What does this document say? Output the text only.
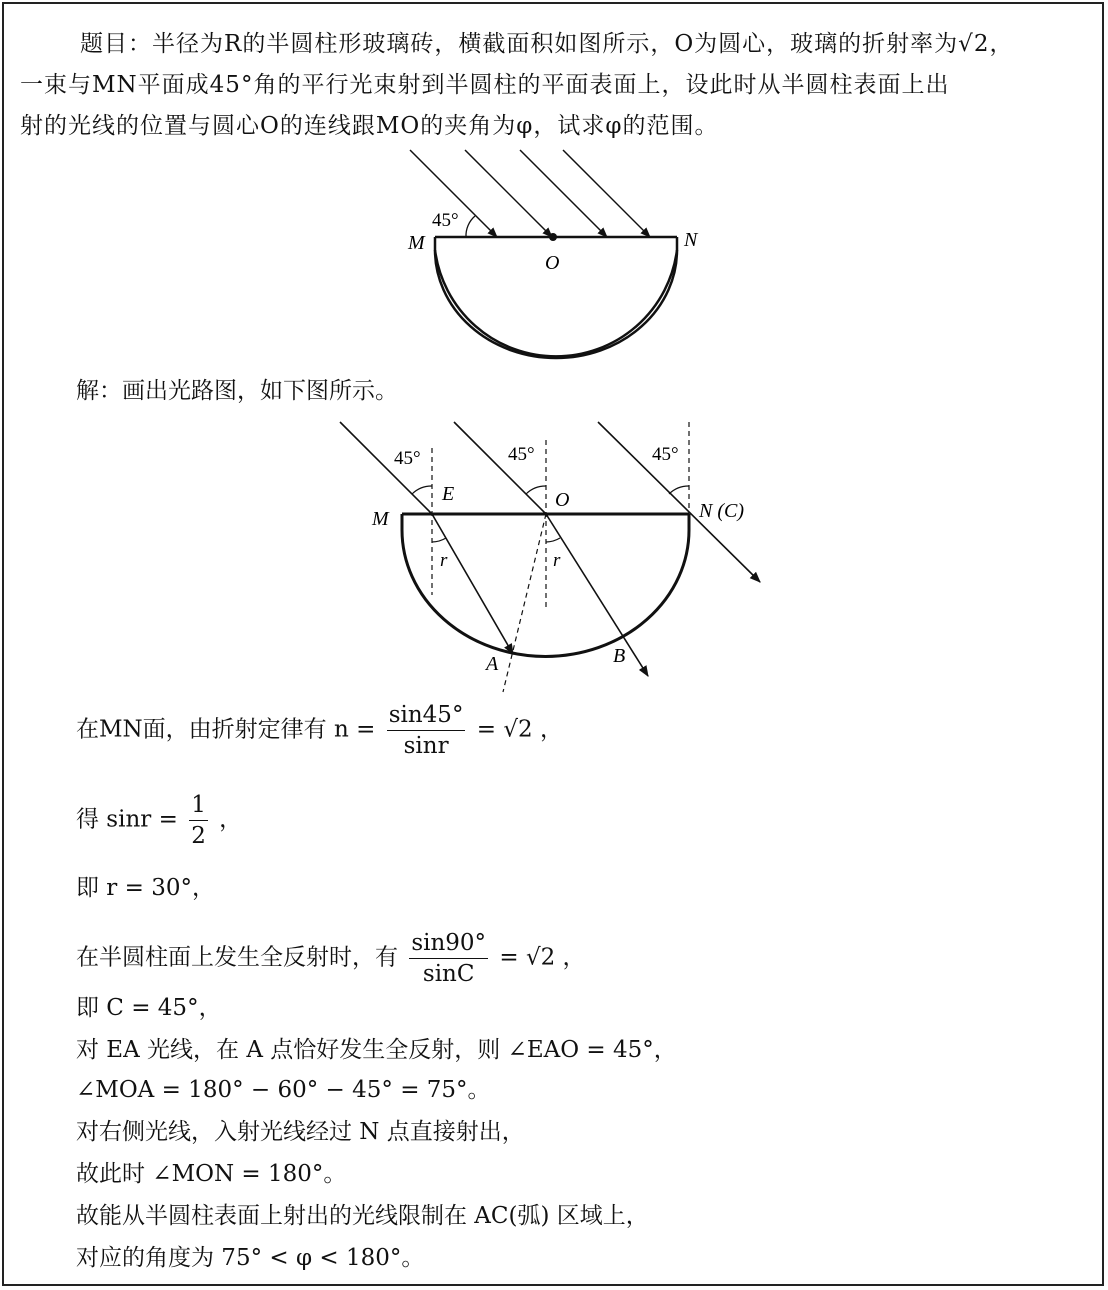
题目：半径为R的半圆柱形玻璃砖，横截面积如图所示，O为圆心，玻璃的折射率为√2，

一束与MN平面成45°角的平行光束射到半圆柱的平面表面上，设此时从半圆柱表面上出

射的光线的位置与圆心O的连线跟MO的夹角为φ，试求φ的范围。

45°
M	N
O
解：画出光路图，如下图所示。
45°	45°	45°
M
E	O	N (C)
r	r
A	B
在MN面，由折射定律有 $n = \frac{\sin 45^\circ}{\sin r} = √2$ ，
得 $\sin r = \frac{1}{2}$ ，
即 r = 30°，
在半圆柱面上发生全反射时，有 $\frac{\sin 90^\circ}{\sin C} = √2$ ，
即 C = 45°，
对 EA 光线，在 A 点恰好发生全反射，则 ∠EAO = 45°，
∠MOA = 180° − 60° − 45° = 75°。
对右侧光线，入射光线经过 N 点直接射出，
故此时 ∠MON = 180°。
故能从半圆柱表面上射出的光线限制在 AC(弧) 区域上，
对应的角度为 75° < φ < 180°。
